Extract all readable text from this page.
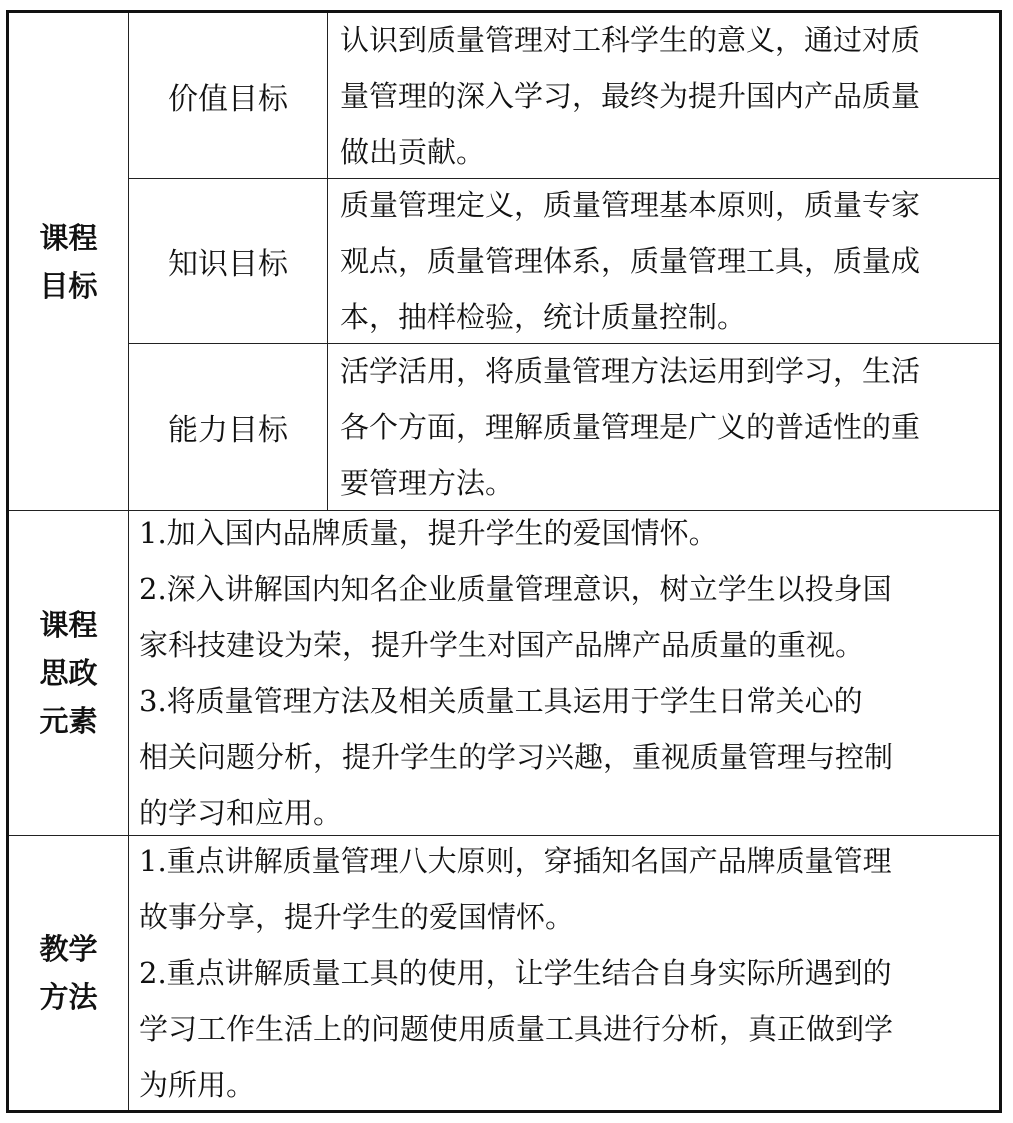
课程
目标
价值目标
认识到质量管理对工科学生的意义，通过对质
量管理的深入学习，最终为提升国内产品质量
做出贡献。
知识目标
质量管理定义，质量管理基本原则，质量专家
观点，质量管理体系，质量管理工具，质量成
本，抽样检验，统计质量控制。
能力目标
活学活用，将质量管理方法运用到学习，生活
各个方面，理解质量管理是广义的普适性的重
要管理方法。
课程
思政
元素
1.加入国内品牌质量，提升学生的爱国情怀。
2.深入讲解国内知名企业质量管理意识，树立学生以投身国
家科技建设为荣，提升学生对国产品牌产品质量的重视。
3.将质量管理方法及相关质量工具运用于学生日常关心的
相关问题分析，提升学生的学习兴趣，重视质量管理与控制
的学习和应用。
教学
方法
1.重点讲解质量管理八大原则，穿插知名国产品牌质量管理
故事分享，提升学生的爱国情怀。
2.重点讲解质量工具的使用，让学生结合自身实际所遇到的
学习工作生活上的问题使用质量工具进行分析，真正做到学
为所用。
